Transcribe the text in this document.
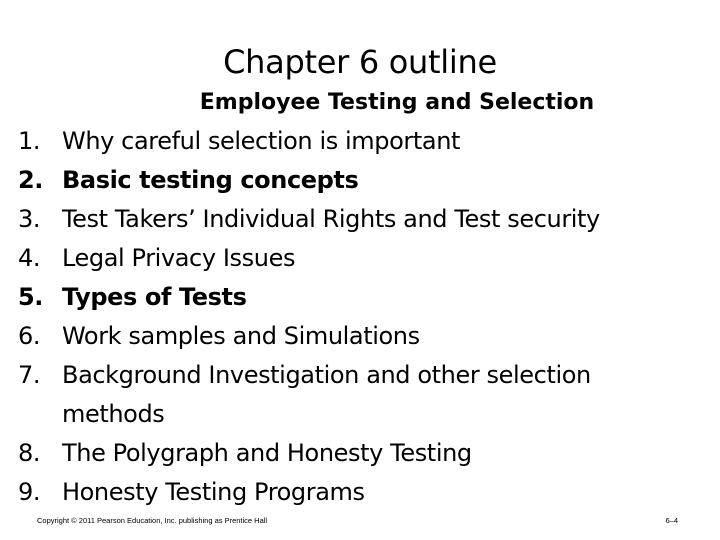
Chapter 6 outline
Employee Testing and Selection
1. Why careful selection is important
2. Basic testing concepts
3. Test Takers’ Individual Rights and Test security
4. Legal Privacy Issues
5. Types of Tests
6. Work samples and Simulations
7. Background Investigation and other selection
methods
8. The Polygraph and Honesty Testing
9. Honesty Testing Programs
Copyright © 2011 Pearson Education, Inc. publishing as Prentice Hall	6–4
